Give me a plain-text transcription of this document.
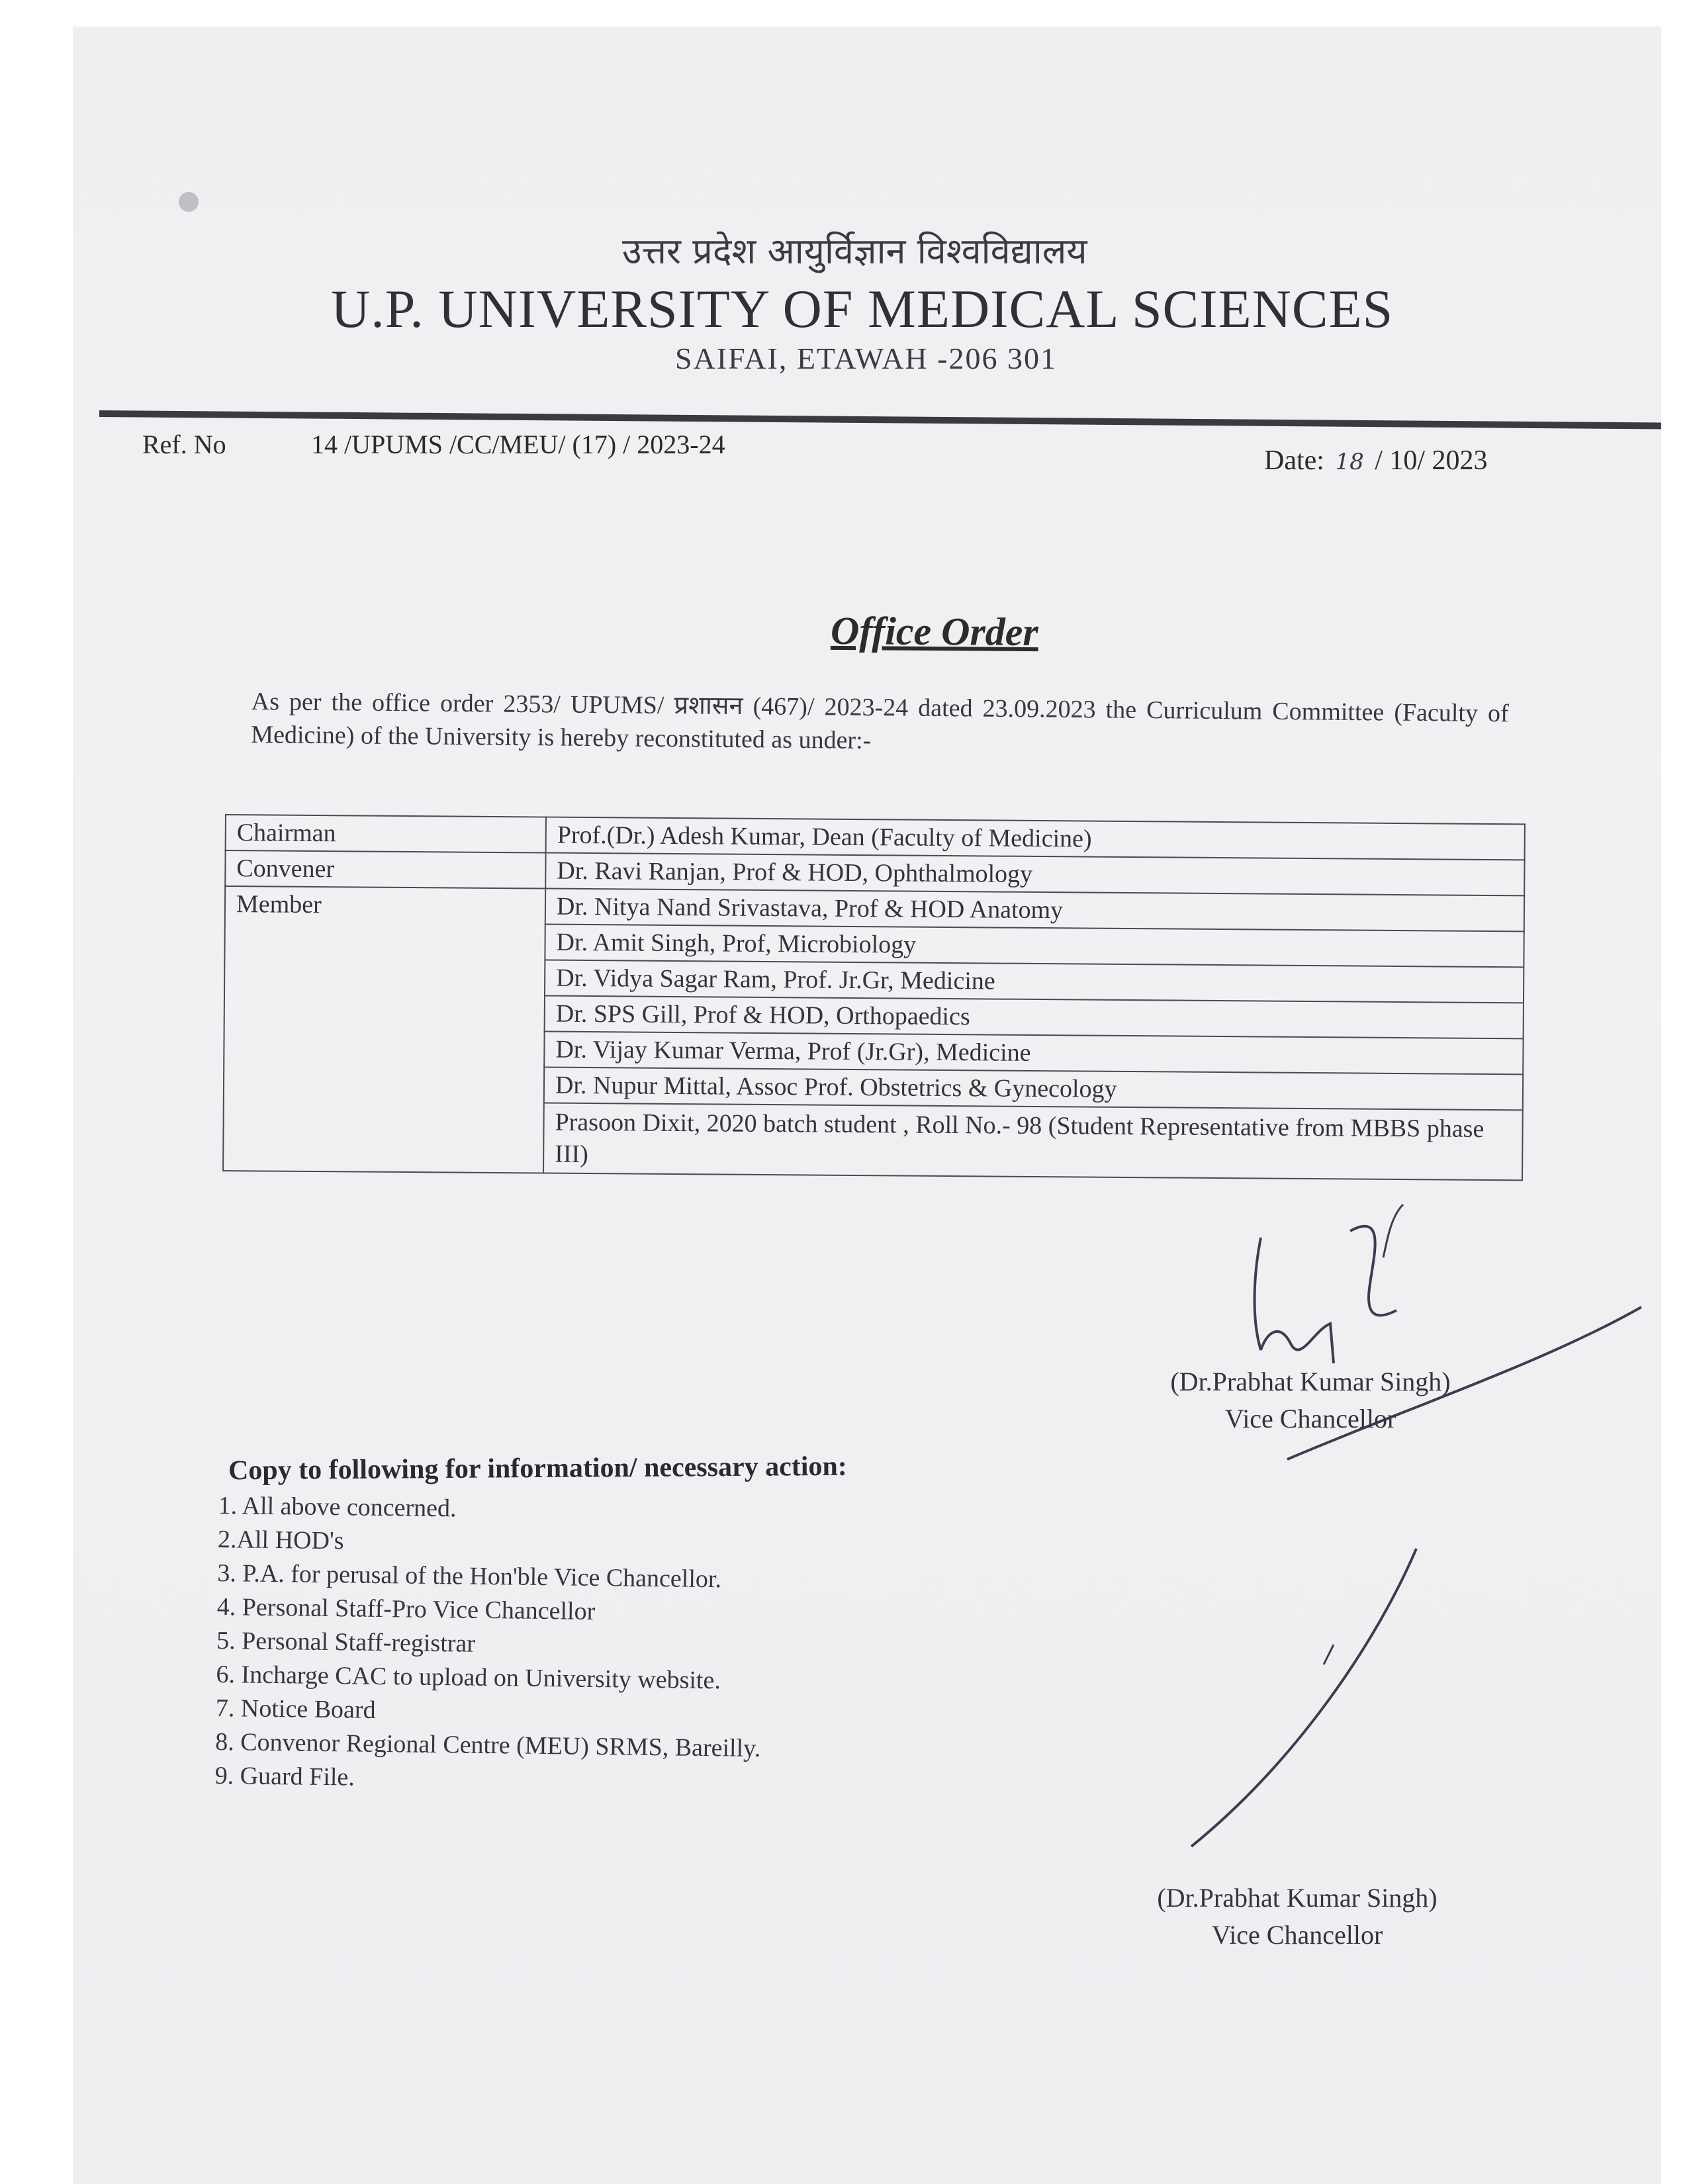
उत्तर प्रदेश आयुर्विज्ञान विश्वविद्यालय
U.P. UNIVERSITY OF MEDICAL SCIENCES
SAIFAI, ETAWAH -206 301
Ref. No	14 /UPUMS /CC/MEU/ (17) / 2023-24
Date: 18 / 10/ 2023
Office Order
As per the office order 2353/ UPUMS/ प्रशासन (467)/ 2023-24 dated 23.09.2023 the Curriculum Committee (Faculty of Medicine) of the University is hereby reconstituted as under:-
Chairman	Prof.(Dr.) Adesh Kumar, Dean (Faculty of Medicine)
Convener	Dr. Ravi Ranjan, Prof & HOD, Ophthalmology
Member	Dr. Nitya Nand Srivastava, Prof & HOD Anatomy
	Dr. Amit Singh, Prof, Microbiology
	Dr. Vidya Sagar Ram, Prof. Jr.Gr, Medicine
	Dr. SPS Gill, Prof & HOD, Orthopaedics
	Dr. Vijay Kumar Verma, Prof (Jr.Gr), Medicine
	Dr. Nupur Mittal, Assoc Prof. Obstetrics & Gynecology
	Prasoon Dixit, 2020 batch student , Roll No.- 98 (Student Representative from MBBS phase III)
(Dr.Prabhat Kumar Singh)
Vice Chancellor
Copy to following for information/ necessary action:
1. All above concerned.
2.All HOD's
3. P.A. for perusal of the Hon'ble Vice Chancellor.
4. Personal Staff-Pro Vice Chancellor
5. Personal Staff-registrar
6. Incharge CAC to upload on University website.
7. Notice Board
8. Convenor Regional Centre (MEU) SRMS, Bareilly.
9. Guard File.
(Dr.Prabhat Kumar Singh)
Vice Chancellor
